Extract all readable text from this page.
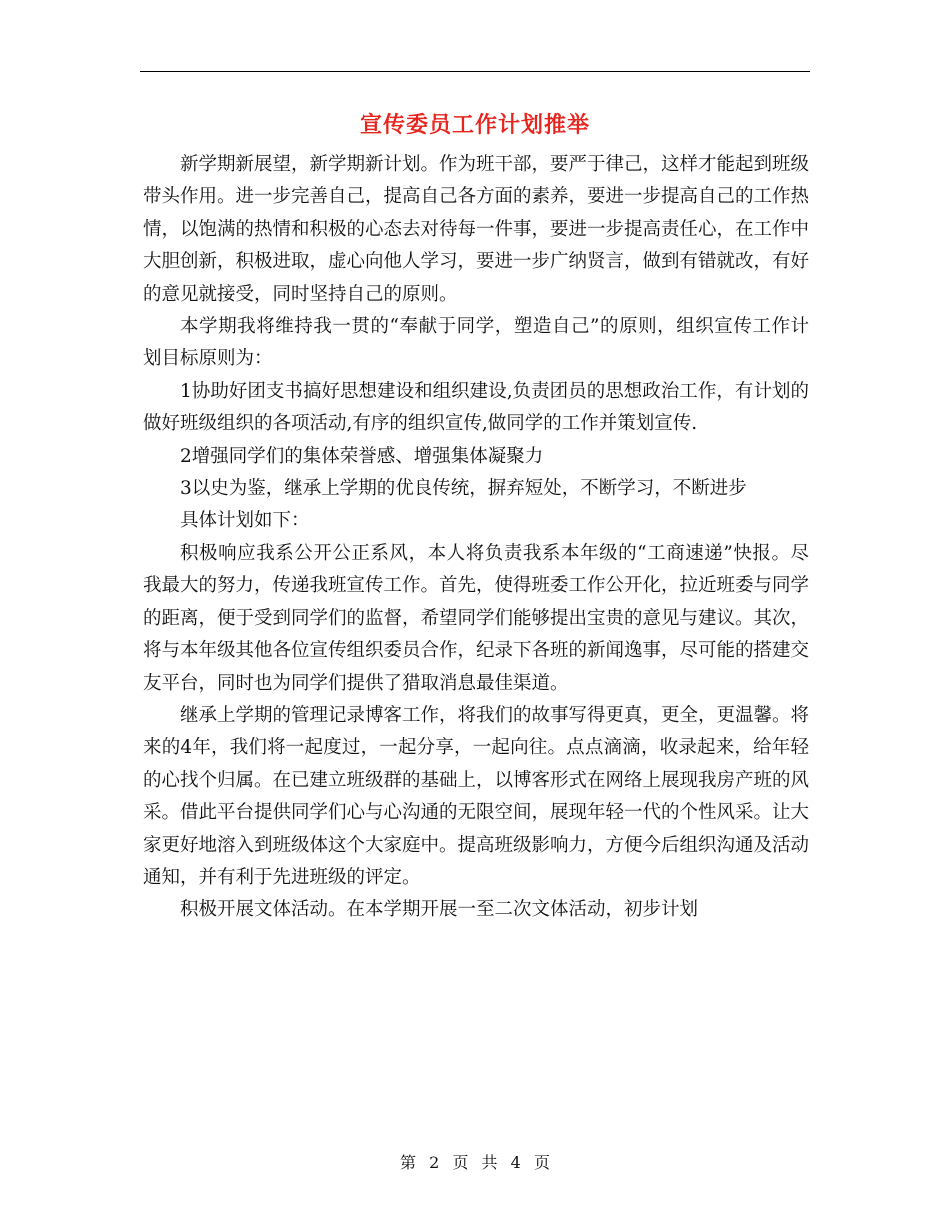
宣传委员工作计划推举

新学期新展望，新学期新计划。作为班干部，要严于律己，这样才能起到班级带头作用。进一步完善自己，提高自己各方面的素养，要进一步提高自己的工作热情，以饱满的热情和积极的心态去对待每一件事，要进一步提高责任心，在工作中大胆创新，积极进取，虚心向他人学习，要进一步广纳贤言，做到有错就改，有好的意见就接受，同时坚持自己的原则。

本学期我将维持我一贯的“奉献于同学，塑造自己”的原则，组织宣传工作计划目标原则为：

1协助好团支书搞好思想建设和组织建设,负责团员的思想政治工作，有计划的做好班级组织的各项活动,有序的组织宣传,做同学的工作并策划宣传.

2增强同学们的集体荣誉感、增强集体凝聚力

3以史为鉴，继承上学期的优良传统，摒弃短处，不断学习，不断进步

具体计划如下：

积极响应我系公开公正系风，本人将负责我系本年级的“工商速递”快报。尽我最大的努力，传递我班宣传工作。首先，使得班委工作公开化，拉近班委与同学的距离，便于受到同学们的监督，希望同学们能够提出宝贵的意见与建议。其次，将与本年级其他各位宣传组织委员合作，纪录下各班的新闻逸事，尽可能的搭建交友平台，同时也为同学们提供了猎取消息最佳渠道。

继承上学期的管理记录博客工作，将我们的故事写得更真，更全，更温馨。将来的4年，我们将一起度过，一起分享，一起向往。点点滴滴，收录起来，给年轻的心找个归属。在已建立班级群的基础上，以博客形式在网络上展现我房产班的风采。借此平台提供同学们心与心沟通的无限空间，展现年轻一代的个性风采。让大家更好地溶入到班级体这个大家庭中。提高班级影响力，方便今后组织沟通及活动通知，并有利于先进班级的评定。

积极开展文体活动。在本学期开展一至二次文体活动，初步计划

第 2 页 共 4 页
